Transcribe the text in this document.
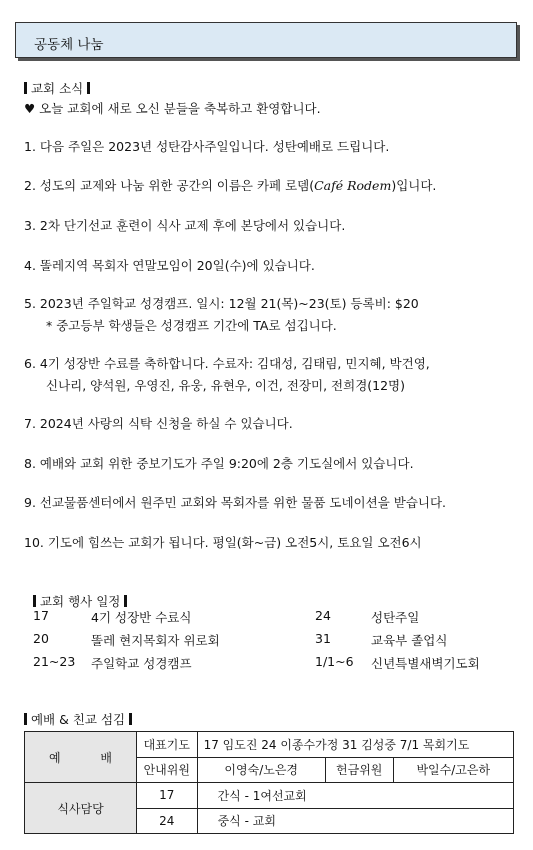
공동체 나눔
교회 소식
♥ 오늘 교회에 새로 오신 분들을 축복하고 환영합니다.
1. 다음 주일은 2023년 성탄감사주일입니다. 성탄예배로 드립니다.
2. 성도의 교제와 나눔 위한 공간의 이름은 카페 로뎀(Café Rodem)입니다.
3. 2차 단기선교 훈련이 식사 교제 후에 본당에서 있습니다.
4. 똘레지역 목회자 연말모임이 20일(수)에 있습니다.
5. 2023년 주일학교 성경캠프. 일시: 12월 21(목)~23(토) 등록비: $20
* 중고등부 학생들은 성경캠프 기간에 TA로 섬깁니다.
6. 4기 성장반 수료를 축하합니다. 수료자: 김대성, 김태림, 민지혜, 박건영,
신나리, 양석원, 우영진, 유웅, 유현우, 이건, 전장미, 전희경(12명)
7. 2024년 사랑의 식탁 신청을 하실 수 있습니다.
8. 예배와 교회 위한 중보기도가 주일 9:20에 2층 기도실에서 있습니다.
9. 선교물품센터에서 원주민 교회와 목회자를 위한 물품 도네이션을 받습니다.
10. 기도에 힘쓰는 교회가 됩니다. 평일(화~금) 오전5시, 토요일 오전6시
교회 행사 일정
17	4기 성장반 수료식	24	성탄주일
20	똘레 현지목회자 위로회	31	교육부 졸업식
21~23 주일학교 성경캠프	1/1~6 신년특별새벽기도회
예배 & 친교 섬김
예 배	대표기도	17 임도진 24 이종수가정 31 김성중 7/1 목회기도		
	안내위원	이영숙/노은경	헌금위원	박일수/고은하
식사담당	17	간식 - 1여선교회		
	24	중식 - 교회		
